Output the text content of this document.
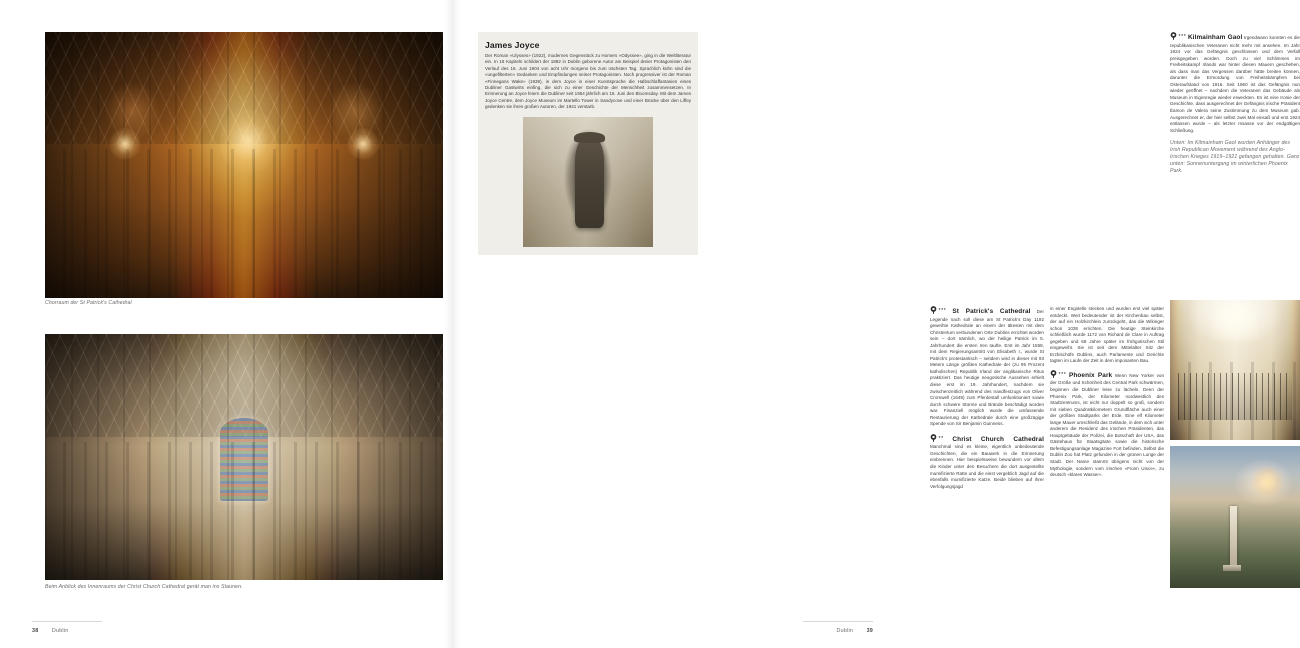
Chorraum der St Patrick's Cathedral
Beim Anblick des Innenraums der Christ Church Cathedral gerät man ins Staunen.
38 Dublin
James Joyce

Der Roman «Ulysses» (1922), modernes Gegenstück zu Homers «Odyssee», ging in die Weltliteratur ein. In 18 Kapiteln schildert der 1882 in Dublin geborene Autor am Beispiel dreier Protagonisten den Verlauf des 16. Juni 1904 von acht Uhr morgens bis zum nächsten Tag. Sprachlich kühn sind die «ungefilterten» Gedanken und Empfindungen seiner Protagonisten. Noch progressiver ist der Roman «Finnegans Wake» (1939), in dem Joyce in einer Kunstsprache die Halbschlaffantasien eines Dubliner Gastwirts einfing, die sich zu einer Geschichte der Menschheit zusammensetzen. In Erinnerung an Joyce feiern die Dubliner seit 1954 jährlich am 16. Juni den Bloomsday. Mit dem James Joyce Centre, dem Joyce Museum im Martello Tower in Sandycove und einer Brücke über den Liffey gedenken sie ihres großen Autoren, der 1941 verstarb.

*** St Patrick's Cathedral Der Legende nach soll diese am St Patrick's Day 1192 geweihte Kathedrale an einem der ältesten mit dem Christentum verbundenen Orte Dublins errichtet worden sein – dort nämlich, wo der heilige Patrick im 5. Jahrhundert die ersten Iren taufte. Erst im Jahr 1558, mit dem Regierungsantritt von Elisabeth I., wurde St Patrick's protestantisch – seitdem wird in dieser mit 93 Metern Länge größten Kathedrale der (zu 95 Prozent katholischen) Republik Irland der anglikanische Ritus praktiziert. Das heutige neogotische Aussehen erhielt diese erst im 19. Jahrhundert, nachdem sie zwischenzeitlich während des Irandfestzugs von Oliver Cromwell (1649) zum Pferdestall umfunktioniert sowie durch schwere Stürme und Brände beschädigt worden war. Finanziell möglich wurde die umfassende Restaurierung der Kathedrale durch eine großzügige Spende von Sir Benjamin Guinness.

** Christ Church Cathedral Manchmal sind es kleine, eigentlich unbedeutende Geschichten, die ein Bauwerk in die Erinnerung einbrennen. Hier beispielsweise bewundern vor allem die Kinder unter den Besuchern die dort ausgestellte mumifizierte Ratte und die einst vergeblich Jagd auf die ebenfalls mumifizierte Katze. Beide blieben auf ihrer Verfolgungsjagd

in einer Engstelle stecken und wurden erst viel später entdeckt. Weit bedeutender ist der Kirchenbau selbst, der auf ein Holzkirchlein zurückgeht, das die Wikinger schon 1038 errichten. Die heutige Steinkirche schließlich wurde 1172 von Richard de Clare in Auftrag gegeben und 68 Jahre später im frühgotischen Stil eingeweiht. Sie ist seit dem Mittelalter Sitz der Erzbischöfe Dublins, auch Parlamente und Gerichte tagten im Laufe der Zeit in dem imposanten Bau.

*** Phoenix Park Wenn New Yorker von der Größe und Schönheit des Central Park schwärmen, beginnen die Dubliner leise zu lächeln. Denn der Phoenix Park, der Kilometer nordwestlich des Stadtzentrums, ist nicht nur doppelt so groß, sondern mit sieben Quadratkilometern Grundfläche auch einer der größten Stadtparks der Erde. Eine elf Kilometer lange Mauer umschließt das Gelände, in dem sich unter anderem die Residenz des irischen Präsidenten, das Hauptgebäude der Polizei, die Botschaft der USA, das Gästehaus für Staatsgäste sowie die historische Befestigungsanlage Magazine Fort befinden. Selbst die Dublin Zoo hat Platz gefunden in der grünen Lunge der Stadt. Der Name stammt übrigens nicht von der Mythologie, sondern vom irischen «Fionn Uisce», zu deutsch «klares Wasser».

*** Kilmainham Gaol Irgendwann konnten es die republikanischen Veteranen nicht mehr mit ansehen. Im Jahr 1924 vor das Gefängnis geschlossen und dem Verfall preisgegeben worden. Doch zu viel Schlimmes im Freiheitskampf Irlands war hinter diesen Mauern geschehen, als dass man das Vergessen darüber hätte breiten können, darunter die Ermordung von Freiheitskämpfern bei Osteraufstand von 1916. Seit 1960 ist das Gefängnis nun wieder geöffnet – nachdem die Veteranen das Gebäude als Museum in Eigenregie wieder erweckten. Es ist eine Ironie der Geschichte, dass ausgerechnet der Gefängnis irische Präsident Éamon de Valera seine Zustimmung zu dem Museum gab. Ausgerechnet er, der hier selbst zwei Mal einsaß und erst 1924 entlassen wurde – als letzter Insasse vor der endgültigen Schließung.

Unten: Im Kilmainham Gaol wurden Anhänger des Irish Republican Movement während des Anglo-Irischen Krieges 1919–1921 gefangen gehalten. Ganz unten: Sonnenuntergang im winterlichen Phoenix Park.
Dublin 39
